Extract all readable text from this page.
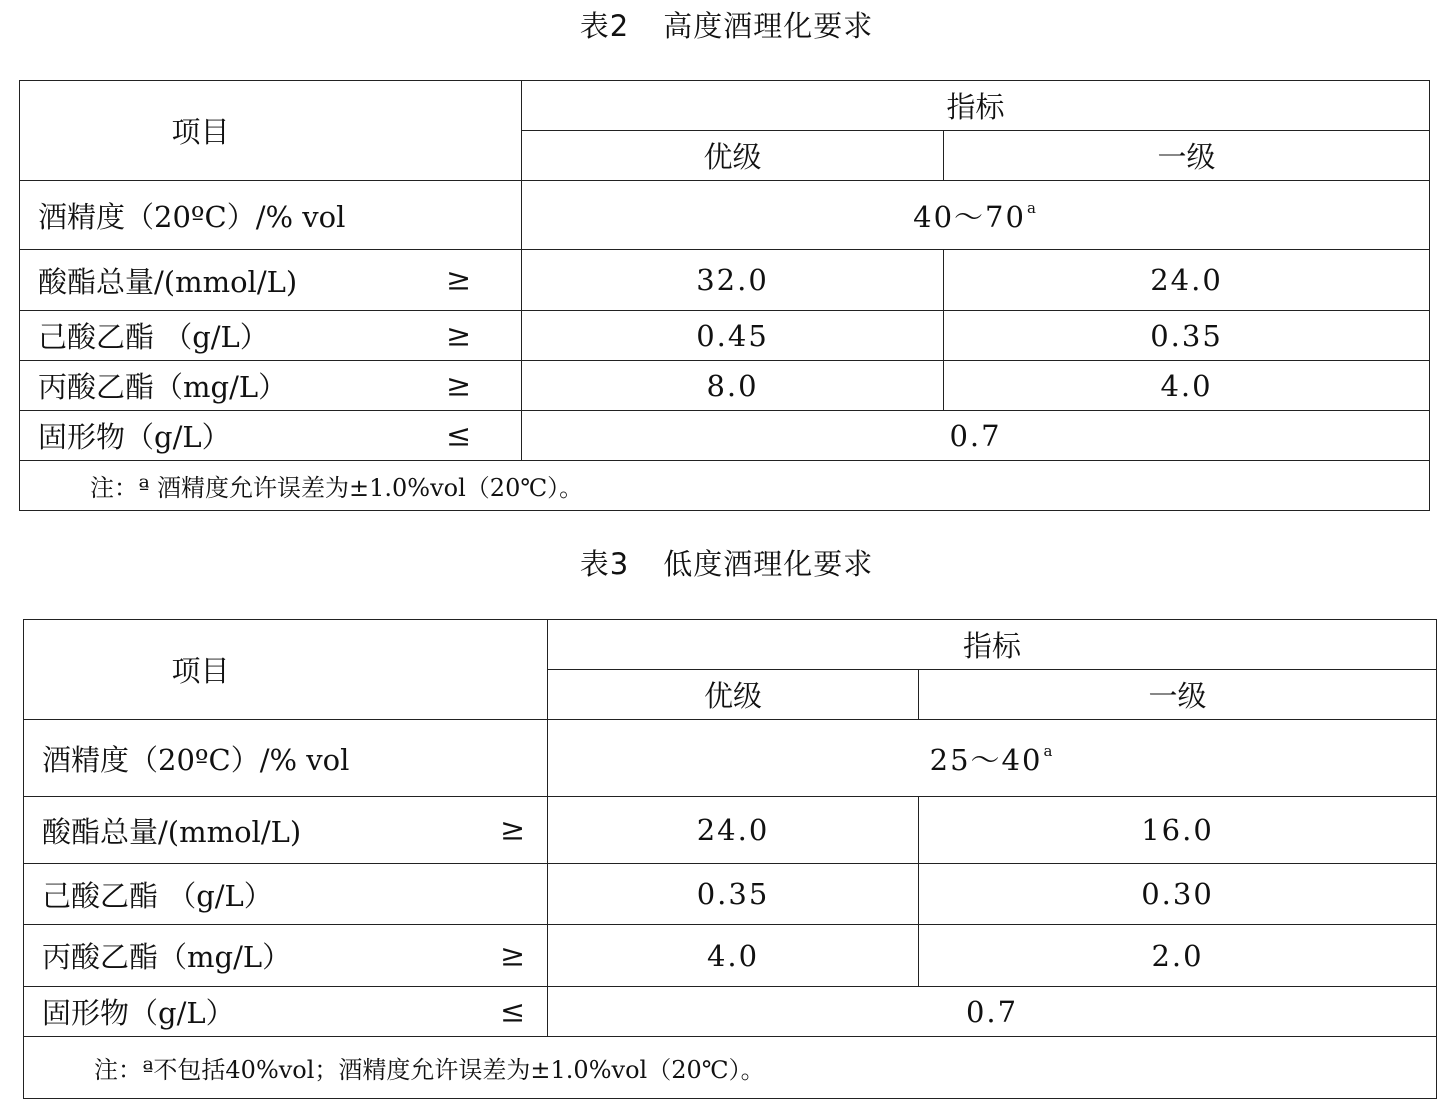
表2 高度酒理化要求
项目	指标	
	优级	一级
酒精度（20ºC）/% vol	40～70$^a$
酸酯总量/(mmol/L) ≥	32.0	24.0
己酸乙酯 （g/L） ≥	0.45	0.35
丙酸乙酯（mg/L） ≥	8.0	4.0
固形物（g/L） ≤	0.7	
注：ª 酒精度允许误差为±1.0%vol（20℃）。		
表3 低度酒理化要求
项目	指标	
	优级	一级
酒精度（20ºC）/% vol	25～40$^a$
酸酯总量/(mmol/L) ≥	24.0	16.0
己酸乙酯 （g/L）	0.35	0.30
丙酸乙酯（mg/L） ≥	4.0	2.0
固形物（g/L） ≤	0.7	
注：ª不包括40%vol；酒精度允许误差为±1.0%vol（20℃）。		
